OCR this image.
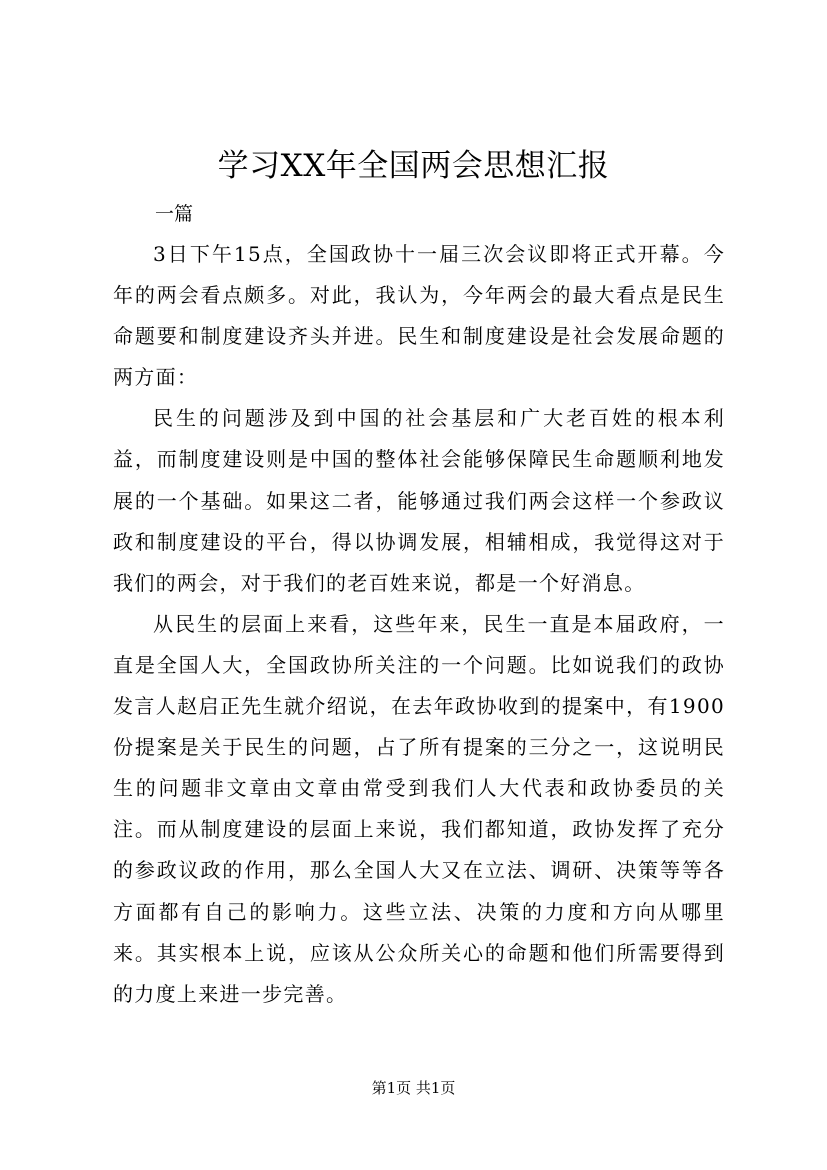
学习XX年全国两会思想汇报
一篇

3日下午15点，全国政协十一届三次会议即将正式开幕。今年的两会看点颇多。对此，我认为，今年两会的最大看点是民生命题要和制度建设齐头并进。民生和制度建设是社会发展命题的两方面：

民生的问题涉及到中国的社会基层和广大老百姓的根本利益，而制度建设则是中国的整体社会能够保障民生命题顺利地发展的一个基础。如果这二者，能够通过我们两会这样一个参政议政和制度建设的平台，得以协调发展，相辅相成，我觉得这对于我们的两会，对于我们的老百姓来说，都是一个好消息。

从民生的层面上来看，这些年来，民生一直是本届政府，一直是全国人大，全国政协所关注的一个问题。比如说我们的政协发言人赵启正先生就介绍说，在去年政协收到的提案中，有1900份提案是关于民生的问题，占了所有提案的三分之一，这说明民生的问题非文章由文章由常受到我们人大代表和政协委员的关注。而从制度建设的层面上来说，我们都知道，政协发挥了充分的参政议政的作用，那么全国人大又在立法、调研、决策等等各方面都有自己的影响力。这些立法、决策的力度和方向从哪里来。其实根本上说，应该从公众所关心的命题和他们所需要得到的力度上来进一步完善。

第1页 共1页
